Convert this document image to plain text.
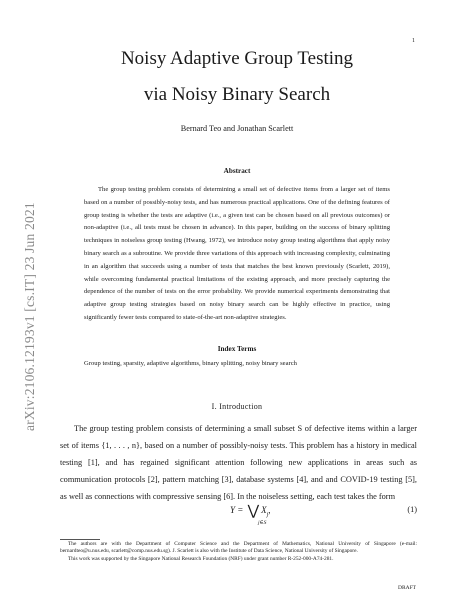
1
arXiv:2106.12193v1 [cs.IT] 23 Jun 2021
Noisy Adaptive Group Testing
via Noisy Binary Search
Bernard Teo and Jonathan Scarlett
Abstract

The group testing problem consists of determining a small set of defective items from a larger set of items based on a number of possibly-noisy tests, and has numerous practical applications. One of the defining features of group testing is whether the tests are adaptive (i.e., a given test can be chosen based on all previous outcomes) or non-adaptive (i.e., all tests must be chosen in advance). In this paper, building on the success of binary splitting techniques in noiseless group testing (Hwang, 1972), we introduce noisy group testing algorithms that apply noisy binary search as a subroutine. We provide three variations of this approach with increasing complexity, culminating in an algorithm that succeeds using a number of tests that matches the best known previously (Scarlett, 2019), while overcoming fundamental practical limitations of the existing approach, and more precisely capturing the dependence of the number of tests on the error probability. We provide numerical experiments demonstrating that adaptive group testing strategies based on noisy binary search can be highly effective in practice, using significantly fewer tests compared to state-of-the-art non-adaptive strategies.

Index Terms

Group testing, sparsity, adaptive algorithms, binary splitting, noisy binary search

I. Introduction

The group testing problem consists of determining a small subset S of defective items within a larger set of items {1, . . . , n}, based on a number of possibly-noisy tests. This problem has a history in medical testing [1], and has regained significant attention following new applications in areas such as communication protocols [2], pattern matching [3], database systems [4], and and COVID-19 testing [5], as well as connections with compressive sensing [6]. In the noiseless setting, each test takes the form

Y = ⋁ $X_j$,
j∈S
(1)

The authors are with the Department of Computer Science and the Department of Mathematics, National University of Singapore (e-mail: bernardteo@u.nus.edu, scarlett@comp.nus.edu.sg). J. Scarlett is also with the Institute of Data Science, National University of Singapore.

This work was supported by the Singapore National Research Foundation (NRF) under grant number R-252-000-A74-281.

DRAFT
